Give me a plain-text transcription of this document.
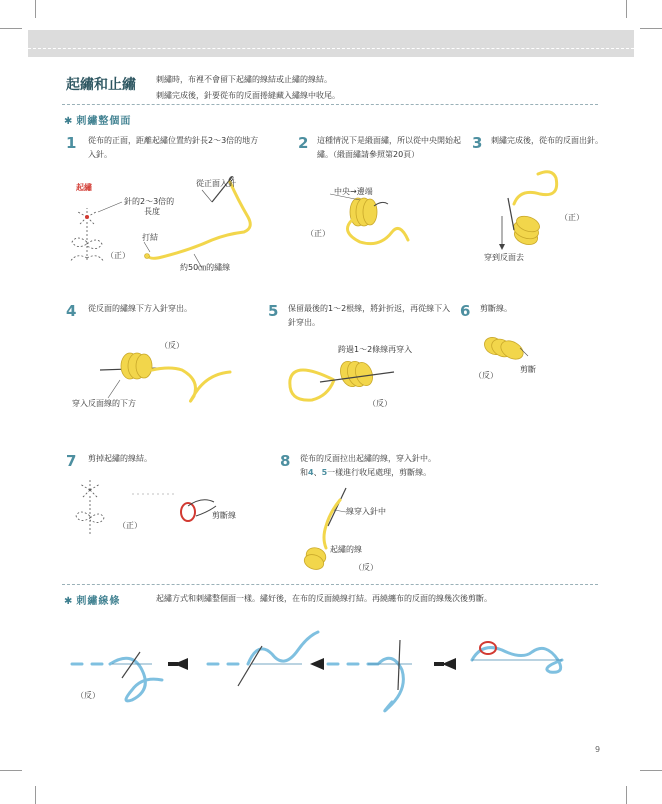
起繡和止繡	刺繡時，布裡不會留下起繡的線結或止繡的線結。
刺繡完成後，針要從布的反面捲縫藏入繡線中收尾。
✱ 刺繡整個面
1 從布的正面，距離起繡位置約針長2～3倍的地方入針。
起繡
針的2～3倍的
長度
從正面入針
打結
（正）
約50㎝的繡線
2 這種情況下是緞面繡，所以從中央開始起繡。（緞面繡請參照第20頁）
中央→邊端
（正）
3 刺繡完成後，從布的反面出針。
（正）
穿到反面去
4 從反面的繡線下方入針穿出。
（反）
穿入反面線的下方
5 保留最後的1～2根線，將針折返，再從線下入針穿出。
跨過1～2條線再穿入
（反）
6 剪斷線。
（反）
剪斷
7 剪掉起繡的線結。
（正）
剪斷線
8 從布的反面拉出起繡的線，穿入針中。
和4、5一樣進行收尾處理，剪斷線。
線穿入針中
起繡的線
（反）
✱ 刺繡線條	起繡方式和刺繡整個面一樣。繡好後，在布的反面繞線打結。再繞纏布的反面的線幾次後剪斷。
（反）
9
